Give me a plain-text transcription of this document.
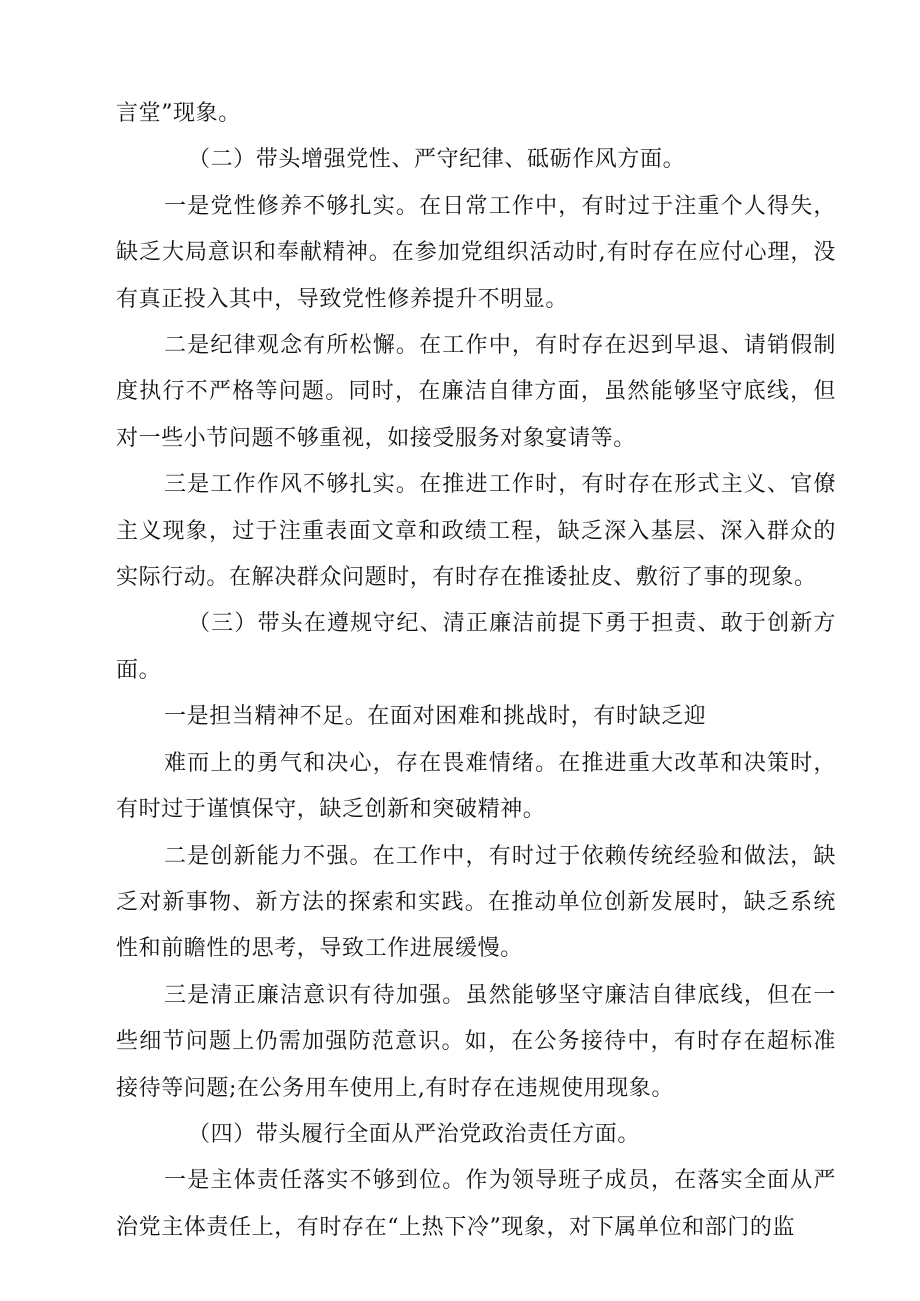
言堂”现象。

（二）带头增强党性、严守纪律、砥砺作风方面。

一是党性修养不够扎实。在日常工作中，有时过于注重个人得失，缺乏大局意识和奉献精神。在参加党组织活动时,有时存在应付心理，没有真正投入其中，导致党性修养提升不明显。

二是纪律观念有所松懈。在工作中，有时存在迟到早退、请销假制度执行不严格等问题。同时，在廉洁自律方面，虽然能够坚守底线，但对一些小节问题不够重视，如接受服务对象宴请等。

三是工作作风不够扎实。在推进工作时，有时存在形式主义、官僚主义现象，过于注重表面文章和政绩工程，缺乏深入基层、深入群众的实际行动。在解决群众问题时，有时存在推诿扯皮、敷衍了事的现象。

（三）带头在遵规守纪、清正廉洁前提下勇于担责、敢于创新方面。

一是担当精神不足。在面对困难和挑战时，有时缺乏迎

难而上的勇气和决心，存在畏难情绪。在推进重大改革和决策时，有时过于谨慎保守，缺乏创新和突破精神。

二是创新能力不强。在工作中，有时过于依赖传统经验和做法，缺乏对新事物、新方法的探索和实践。在推动单位创新发展时，缺乏系统性和前瞻性的思考，导致工作进展缓慢。

三是清正廉洁意识有待加强。虽然能够坚守廉洁自律底线，但在一些细节问题上仍需加强防范意识。如，在公务接待中，有时存在超标准接待等问题;在公务用车使用上,有时存在违规使用现象。

（四）带头履行全面从严治党政治责任方面。

一是主体责任落实不够到位。作为领导班子成员，在落实全面从严治党主体责任上，有时存在“上热下冷”现象，对下属单位和部门的监
